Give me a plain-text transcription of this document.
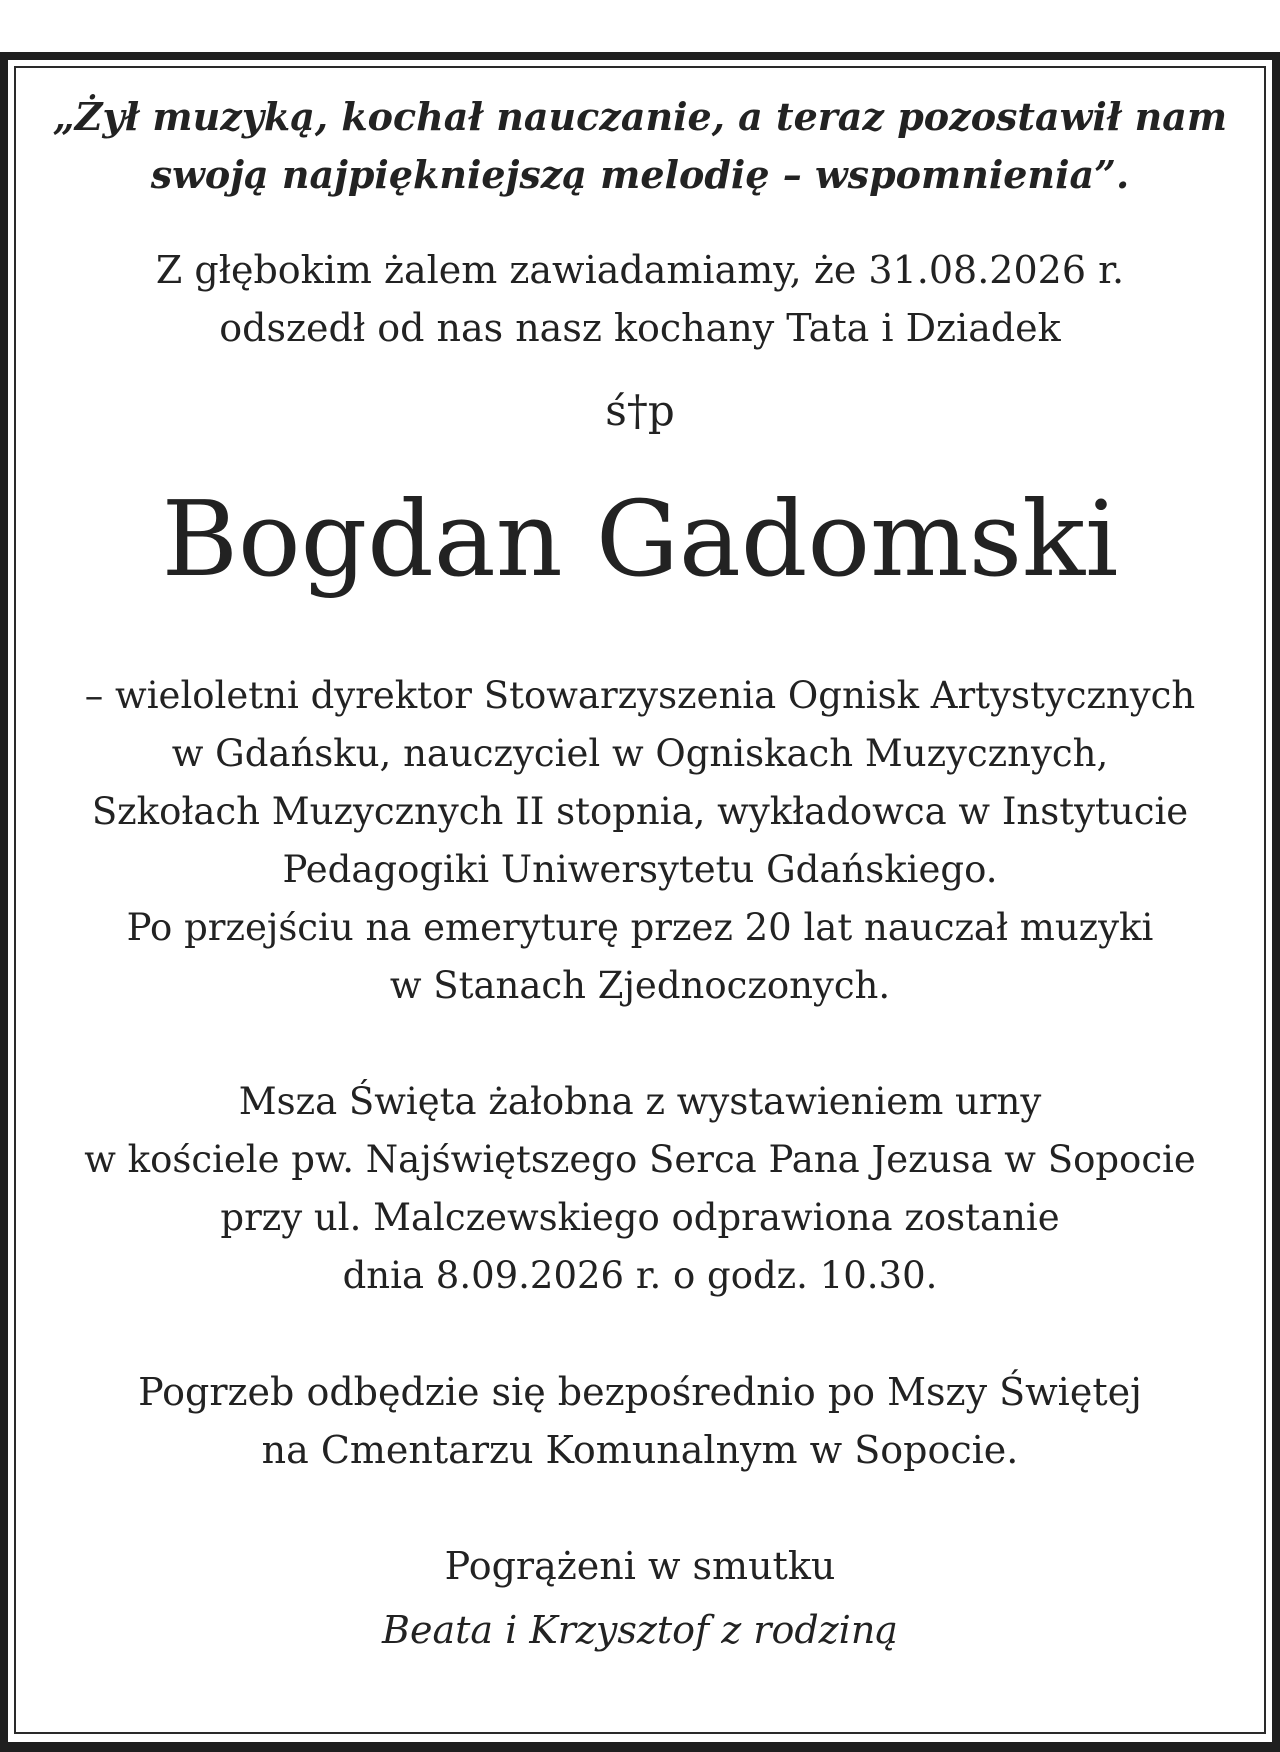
„Żył muzyką, kochał nauczanie, a teraz pozostawił nam
swoją najpiękniejszą melodię – wspomnienia”.
Z głębokim żalem zawiadamiamy, że 31.08.2026 r.
odszedł od nas nasz kochany Tata i Dziadek
ś†p
Bogdan Gadomski
– wieloletni dyrektor Stowarzyszenia Ognisk Artystycznych
w Gdańsku, nauczyciel w Ogniskach Muzycznych,
Szkołach Muzycznych II stopnia, wykładowca w Instytucie
Pedagogiki Uniwersytetu Gdańskiego.
Po przejściu na emeryturę przez 20 lat nauczał muzyki
w Stanach Zjednoczonych.
Msza Święta żałobna z wystawieniem urny
w kościele pw. Najświętszego Serca Pana Jezusa w Sopocie
przy ul. Malczewskiego odprawiona zostanie
dnia 8.09.2026 r. o godz. 10.30.
Pogrzeb odbędzie się bezpośrednio po Mszy Świętej
na Cmentarzu Komunalnym w Sopocie.
Pogrążeni w smutku
Beata i Krzysztof z rodziną
